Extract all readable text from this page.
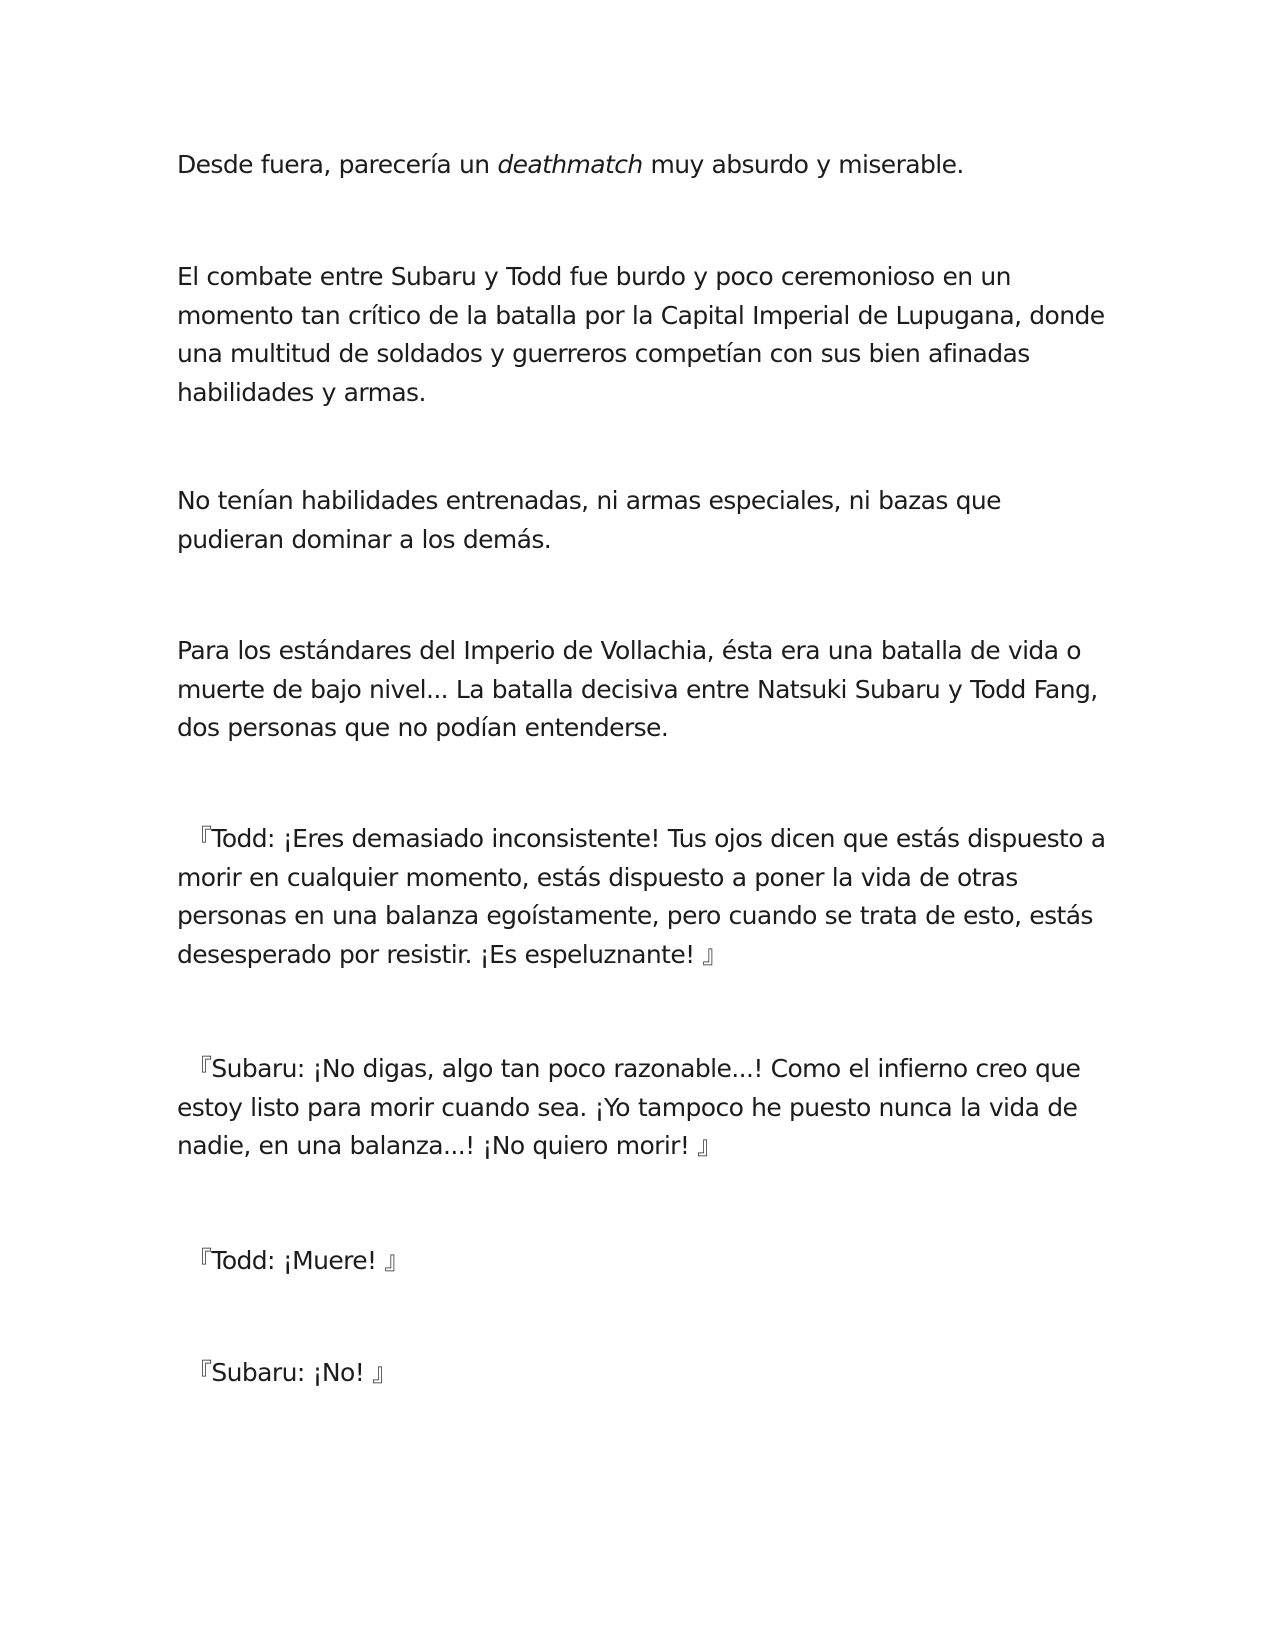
Desde fuera, parecería un deathmatch muy absurdo y miserable.

El combate entre Subaru y Todd fue burdo y poco ceremonioso en un momento tan crítico de la batalla por la Capital Imperial de Lupugana, donde una multitud de soldados y guerreros competían con sus bien afinadas habilidades y armas.

No tenían habilidades entrenadas, ni armas especiales, ni bazas que pudieran dominar a los demás.

Para los estándares del Imperio de Vollachia, ésta era una batalla de vida o muerte de bajo nivel... La batalla decisiva entre Natsuki Subaru y Todd Fang, dos personas que no podían entenderse.

『Todd: ¡Eres demasiado inconsistente! Tus ojos dicen que estás dispuesto a morir en cualquier momento, estás dispuesto a poner la vida de otras personas en una balanza egoístamente, pero cuando se trata de esto, estás desesperado por resistir. ¡Es espeluznante! 』

『Subaru: ¡No digas, algo tan poco razonable...! Como el infierno creo que estoy listo para morir cuando sea. ¡Yo tampoco he puesto nunca la vida de nadie, en una balanza...! ¡No quiero morir! 』

『Todd: ¡Muere! 』

『Subaru: ¡No! 』
